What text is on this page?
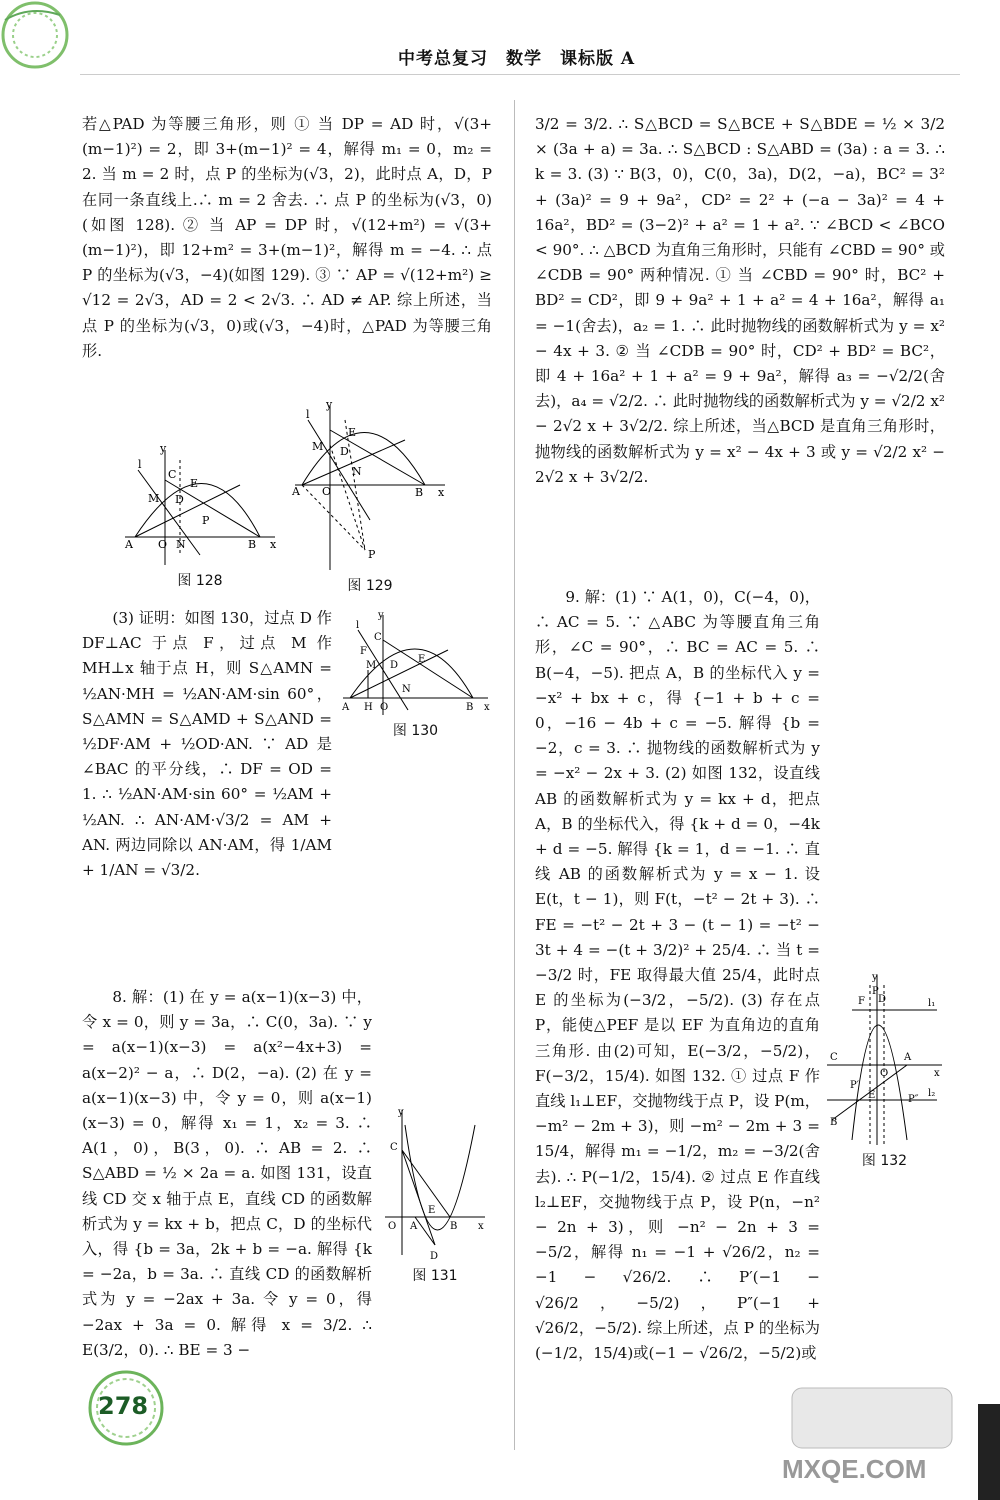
中考总复习　数学　课标版 A

若△PAD 为等腰三角形，则 ① 当 DP = AD 时，√(3+(m−1)²) = 2，即 3+(m−1)² = 4，解得 m₁ = 0，m₂ = 2. 当 m = 2 时，点 P 的坐标为(√3，2)，此时点 A，D，P 在同一条直线上.∴ m = 2 舍去. ∴ 点 P 的坐标为(√3，0)(如图 128). ② 当 AP = DP 时，√(12+m²) = √(3+(m−1)²)，即 12+m² = 3+(m−1)²，解得 m = −4. ∴ 点 P 的坐标为(√3，−4)(如图 129). ③ ∵ AP = √(12+m²) ≥ √12 = 2√3，AD = 2 < 2√3. ∴ AD ≠ AP. 综上所述，当点 P 的坐标为(√3，0)或(√3，−4)时，△PAD 为等腰三角形.

y
l
C
E
M D
P
A O N	B x
图 128
y
l
E
M D
N
A O	B x
P
图 129

(3) 证明：如图 130，过点 D 作 DF⊥AC 于点 F，过点 M 作 MH⊥x 轴于点 H，则 S△AMN = ½AN·MH = ½AN·AM·sin 60°，S△AMN = S△AMD + S△AND = ½DF·AM + ½OD·AN. ∵ AD 是 ∠BAC 的平分线，∴ DF = OD = 1. ∴ ½AN·AM·sin 60° = ½AM + ½AN. ∴ AN·AM·√3/2 = AM + AN. 两边同除以 AN·AM，得 1/AM + 1/AN = √3/2.

y
l
C
F
M D
E
A H O
N
B x
图 130

8. 解：(1) 在 y = a(x−1)(x−3) 中，令 x = 0，则 y = 3a，∴ C(0，3a). ∵ y = a(x−1)(x−3) = a(x²−4x+3) = a(x−2)² − a，∴ D(2，−a). (2) 在 y = a(x−1)(x−3) 中，令 y = 0，则 a(x−1)(x−3) = 0，解得 x₁ = 1，x₂ = 3. ∴ A(1，0)，B(3，0). ∴ AB = 2. ∴ S△ABD = ½ × 2a = a. 如图 131，设直线 CD 交 x 轴于点 E，直线 CD 的函数解析式为 y = kx + b，把点 C，D 的坐标代入，得 {b = 3a，2k + b = −a. 解得 {k = −2a，b = 3a. ∴ 直线 CD 的函数解析式为 y = −2ax + 3a. 令 y = 0，得 −2ax + 3a = 0. 解得 x = 3/2. ∴ E(3/2，0). ∴ BE = 3 −

y
C
O A
E
B x
D
图 131

3/2 = 3/2. ∴ S△BCD = S△BCE + S△BDE = ½ × 3/2 × (3a + a) = 3a. ∴ S△BCD : S△ABD = (3a) : a = 3. ∴ k = 3. (3) ∵ B(3，0)，C(0，3a)，D(2，−a)，BC² = 3² + (3a)² = 9 + 9a²，CD² = 2² + (−a − 3a)² = 4 + 16a²，BD² = (3−2)² + a² = 1 + a². ∵ ∠BCD < ∠BCO < 90°. ∴ △BCD 为直角三角形时，只能有 ∠CBD = 90° 或 ∠CDB = 90° 两种情况. ① 当 ∠CBD = 90° 时，BC² + BD² = CD²，即 9 + 9a² + 1 + a² = 4 + 16a²，解得 a₁ = −1(舍去)，a₂ = 1. ∴ 此时抛物线的函数解析式为 y = x² − 4x + 3. ② 当 ∠CDB = 90° 时，CD² + BD² = BC²，即 4 + 16a² + 1 + a² = 9 + 9a²，解得 a₃ = −√2/2(舍去)，a₄ = √2/2. ∴ 此时抛物线的函数解析式为 y = √2/2 x² − 2√2 x + 3√2/2. 综上所述，当△BCD 是直角三角形时，抛物线的函数解析式为 y = x² − 4x + 3 或 y = √2/2 x² − 2√2 x + 3√2/2.

9. 解：(1) ∵ A(1，0)，C(−4，0)，∴ AC = 5. ∵ △ABC 为等腰直角三角形，∠C = 90°，∴ BC = AC = 5. ∴ B(−4，−5). 把点 A，B 的坐标代入 y = −x² + bx + c，得 {−1 + b + c = 0，−16 − 4b + c = −5. 解得 {b = −2，c = 3. ∴ 抛物线的函数解析式为 y = −x² − 2x + 3. (2) 如图 132，设直线 AB 的函数解析式为 y = kx + d，把点 A，B 的坐标代入，得 {k + d = 0，−4k + d = −5. 解得 {k = 1，d = −1. ∴ 直线 AB 的函数解析式为 y = x − 1. 设 E(t，t − 1)，则 F(t，−t² − 2t + 3). ∴ FE = −t² − 2t + 3 − (t − 1) = −t² − 3t + 4 = −(t + 3/2)² + 25/4. ∴ 当 t = −3/2 时，FE 取得最大值 25/4，此时点 E 的坐标为(−3/2，−5/2). (3) 存在点 P，能使△PEF 是以 EF 为直角边的直角三角形. 由(2)可知，E(−3/2，−5/2)，F(−3/2，15/4). 如图 132. ① 过点 F 作直线 l₁⊥EF，交抛物线于点 P，设 P(m，−m² − 2m + 3)，则 −m² − 2m + 3 = 15/4，解得 m₁ = −1/2，m₂ = −3/2(舍去). ∴ P(−1/2，15/4). ② 过点 E 作直线 l₂⊥EF，交抛物线于点 P，设 P(n，−n² − 2n + 3)，则 −n² − 2n + 3 = −5/2，解得 n₁ = −1 + √26/2，n₂ = −1 − √26/2. ∴ P′(−1 − √26/2，−5/2)，P″(−1 + √26/2，−5/2). 综上所述，点 P 的坐标为(−1/2，15/4)或(−1 − √26/2，−5/2)或

y
F
P
D	l₁
C	A
x
P′
O
E	P″
l₂
B
图 132
278
MXQE.COM
